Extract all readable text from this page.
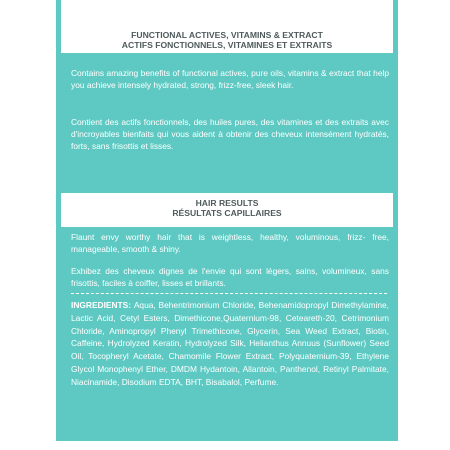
FUNCTIONAL ACTIVES, VITAMINS & EXTRACT
ACTIFS FONCTIONNELS, VITAMINES ET EXTRAITS

Contains amazing benefits of functional actives, pure oils, vitamins & extract that help you achieve intensely hydrated, strong, frizz-free, sleek hair.

Contient des actifs fonctionnels, des huiles pures, des vitamines et des extraits avec d'incroyables bienfaits qui vous aident à obtenir des cheveux intensément hydratés, forts, sans frisottis et lisses.

HAIR RESULTS
RÉSULTATS CAPILLAIRES

Flaunt envy worthy hair that is weightless, healthy, voluminous, frizz- free, manageable, smooth & shiny.

Exhibez des cheveux dignes de l'envie qui sont légers, sains, volumineux, sans frisottis, faciles à coiffer, lisses et brillants.

INGREDIENTS: Aqua, Behentrimonium Chloride, Behenamidopropyl Dimethylamine, Lactic Acid, Cetyl Esters, Dimethicone,Quaternium-98, Ceteareth-20, Cetrimonium Chloride, Aminopropyl Phenyl Trimethicone, Glycerin, Sea Weed Extract, Biotin, Caffeine, Hydrolyzed Keratin, Hydrolyzed Silk, Helianthus Annuus (Sunflower) Seed Oil, Tocopheryl Acetate, Chamomile Flower Extract, Polyquaternium-39, Ethylene Glycol Monophenyl Ether, DMDM Hydantoin, Allantoin, Panthenol, Retinyl Palmitate, Niacinamide, Disodium EDTA, BHT, Bisabalol, Perfume.
